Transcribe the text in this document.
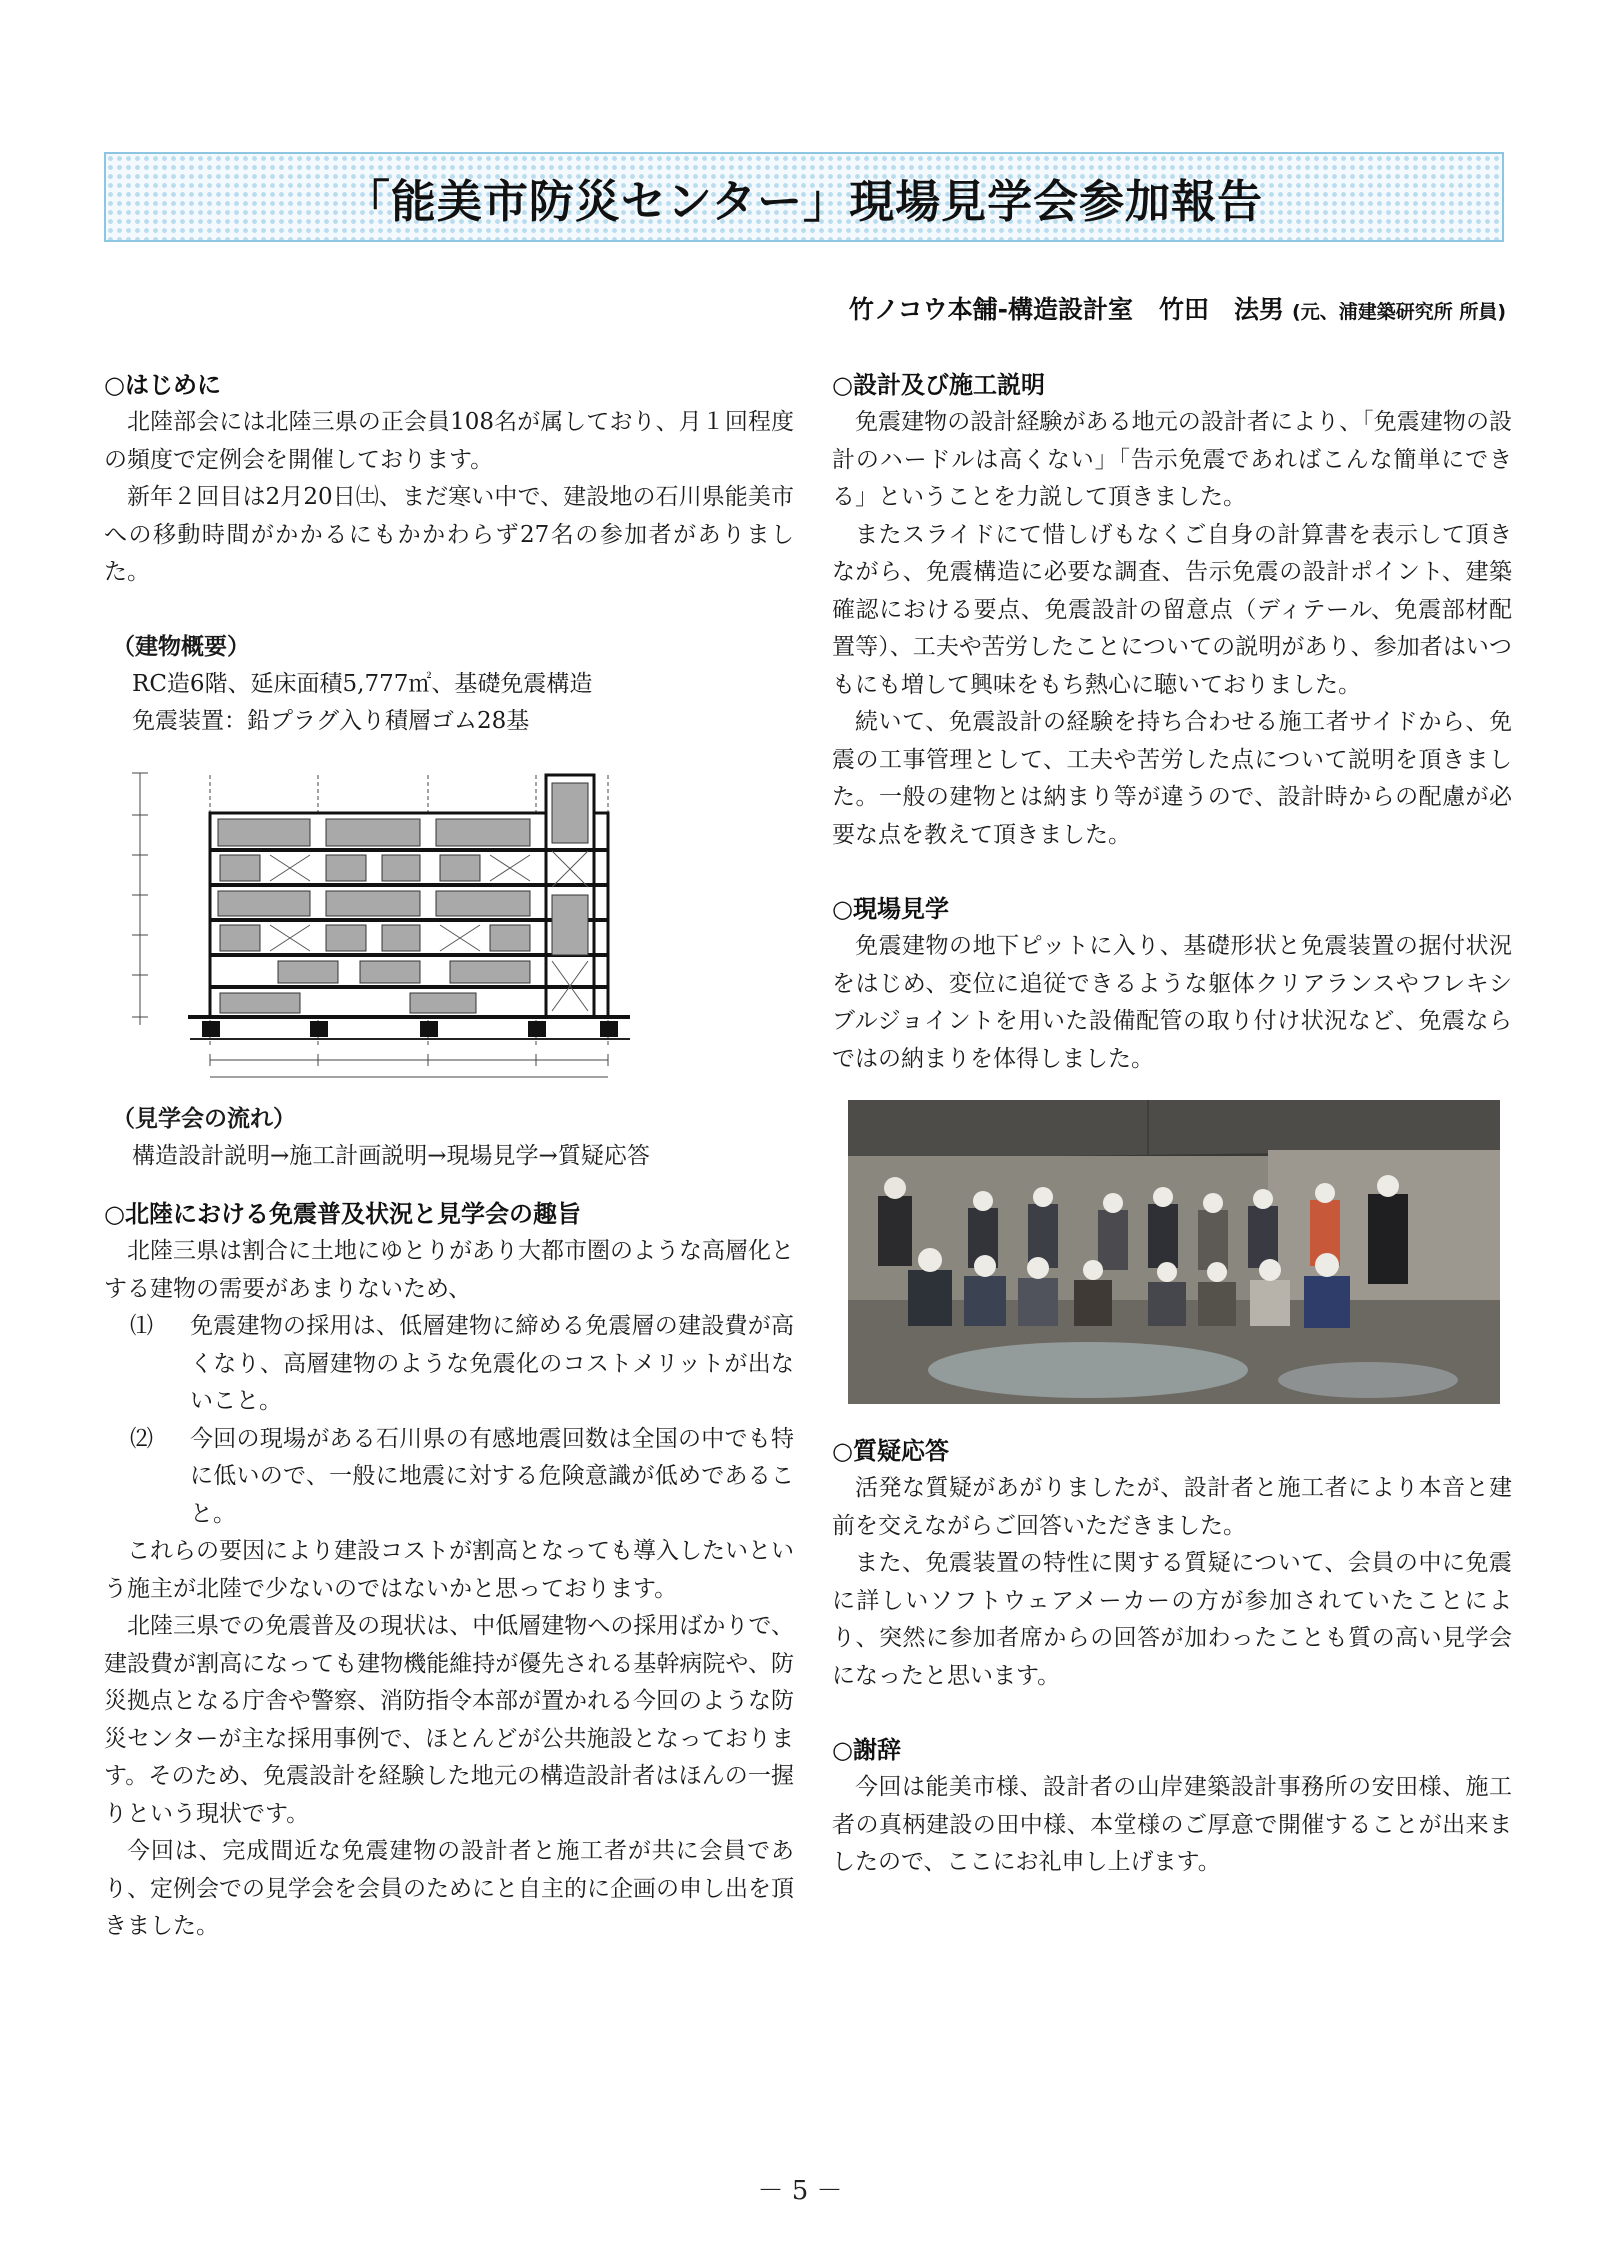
「能美市防災センター」現場見学会参加報告
竹ノコウ本舗-構造設計室 竹田　法男 (元、浦建築研究所 所員)

○はじめに

北陸部会には北陸三県の正会員108名が属しており、月１回程度の頻度で定例会を開催しております。

新年２回目は2月20日㈯、まだ寒い中で、建設地の石川県能美市への移動時間がかかるにもかかわらず27名の参加者がありました。

（建物概要）

RC造6階、延床面積5,777㎡、基礎免震構造

免震装置：鉛プラグ入り積層ゴム28基

（見学会の流れ）

構造設計説明→施工計画説明→現場見学→質疑応答

○北陸における免震普及状況と見学会の趣旨

北陸三県は割合に土地にゆとりがあり大都市圏のような高層化とする建物の需要があまりないため、

⑴ 免震建物の採用は、低層建物に締める免震層の建設費が高くなり、高層建物のような免震化のコストメリットが出ないこと。
⑵ 今回の現場がある石川県の有感地震回数は全国の中でも特に低いので、一般に地震に対する危険意識が低めであること。

これらの要因により建設コストが割高となっても導入したいという施主が北陸で少ないのではないかと思っております。

北陸三県での免震普及の現状は、中低層建物への採用ばかりで、建設費が割高になっても建物機能維持が優先される基幹病院や、防災拠点となる庁舎や警察、消防指令本部が置かれる今回のような防災センターが主な採用事例で、ほとんどが公共施設となっております。そのため、免震設計を経験した地元の構造設計者はほんの一握りという現状です。

今回は、完成間近な免震建物の設計者と施工者が共に会員であり、定例会での見学会を会員のためにと自主的に企画の申し出を頂きました。

○設計及び施工説明

免震建物の設計経験がある地元の設計者により、「免震建物の設計のハードルは高くない」「告示免震であればこんな簡単にできる」ということを力説して頂きました。

またスライドにて惜しげもなくご自身の計算書を表示して頂きながら、免震構造に必要な調査、告示免震の設計ポイント、建築確認における要点、免震設計の留意点（ディテール、免震部材配置等）、工夫や苦労したことについての説明があり、参加者はいつもにも増して興味をもち熱心に聴いておりました。

続いて、免震設計の経験を持ち合わせる施工者サイドから、免震の工事管理として、工夫や苦労した点について説明を頂きました。一般の建物とは納まり等が違うので、設計時からの配慮が必要な点を教えて頂きました。

○現場見学

免震建物の地下ピットに入り、基礎形状と免震装置の据付状況をはじめ、変位に追従できるような躯体クリアランスやフレキシブルジョイントを用いた設備配管の取り付け状況など、免震ならではの納まりを体得しました。

○質疑応答

活発な質疑があがりましたが、設計者と施工者により本音と建前を交えながらご回答いただきました。

また、免震装置の特性に関する質疑について、会員の中に免震に詳しいソフトウェアメーカーの方が参加されていたことにより、突然に参加者席からの回答が加わったことも質の高い見学会になったと思います。

○謝辞

今回は能美市様、設計者の山岸建築設計事務所の安田様、施工者の真柄建設の田中様、本堂様のご厚意で開催することが出来ましたので、ここにお礼申し上げます。

－ 5 －
